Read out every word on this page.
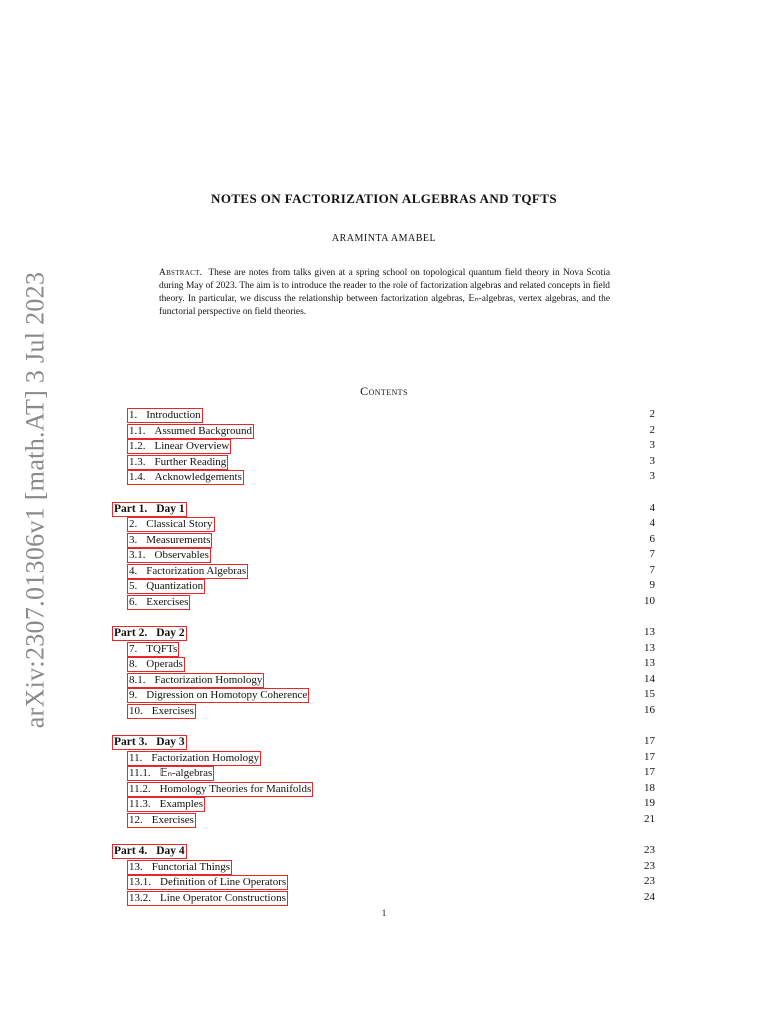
arXiv:2307.01306v1 [math.AT] 3 Jul 2023
NOTES ON FACTORIZATION ALGEBRAS AND TQFTS
ARAMINTA AMABEL
Abstract. These are notes from talks given at a spring school on topological quantum field theory in Nova Scotia during May of 2023. The aim is to introduce the reader to the role of factorization algebras and related concepts in field theory. In particular, we discuss the relationship between factorization algebras, 𝔼ₙ-algebras, vertex algebras, and the functorial perspective on field theories.
Contents
1. Introduction	2
1.1. Assumed Background	2
1.2. Linear Overview	3
1.3. Further Reading	3
1.4. Acknowledgements	3
Part 1. Day 1	4
2. Classical Story	4
3. Measurements	6
3.1. Observables	7
4. Factorization Algebras	7
5. Quantization	9
6. Exercises	10
Part 2. Day 2	13
7. TQFTs	13
8. Operads	13
8.1. Factorization Homology	14
9. Digression on Homotopy Coherence	15
10. Exercises	16
Part 3. Day 3	17
11. Factorization Homology	17
11.1. 𝔼ₙ-algebras	17
11.2. Homology Theories for Manifolds	18
11.3. Examples	19
12. Exercises	21
Part 4. Day 4	23
13. Functorial Things	23
13.1. Definition of Line Operators	23
13.2. Line Operator Constructions	24
1
